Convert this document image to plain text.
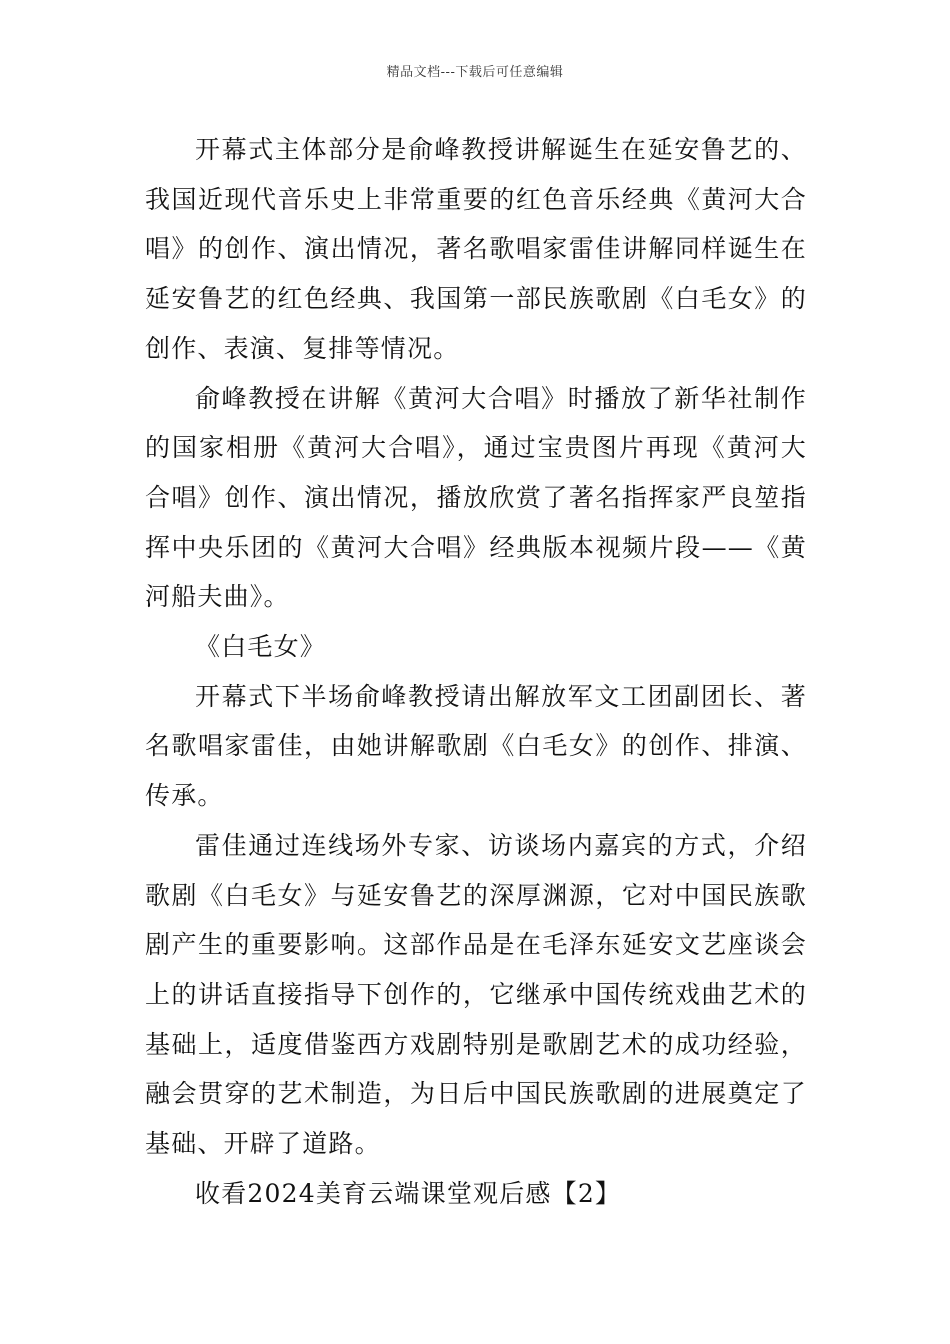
精品文档---下载后可任意编辑

开幕式主体部分是俞峰教授讲解诞生在延安鲁艺的、我国近现代音乐史上非常重要的红色音乐经典《黄河大合唱》的创作、演出情况，著名歌唱家雷佳讲解同样诞生在延安鲁艺的红色经典、我国第一部民族歌剧《白毛女》的创作、表演、复排等情况。

俞峰教授在讲解《黄河大合唱》时播放了新华社制作的国家相册《黄河大合唱》，通过宝贵图片再现《黄河大合唱》创作、演出情况，播放欣赏了著名指挥家严良堃指挥中央乐团的《黄河大合唱》经典版本视频片段——《黄河船夫曲》。

《白毛女》

开幕式下半场俞峰教授请出解放军文工团副团长、著名歌唱家雷佳，由她讲解歌剧《白毛女》的创作、排演、传承。

雷佳通过连线场外专家、访谈场内嘉宾的方式，介绍歌剧《白毛女》与延安鲁艺的深厚渊源，它对中国民族歌剧产生的重要影响。这部作品是在毛泽东延安文艺座谈会上的讲话直接指导下创作的，它继承中国传统戏曲艺术的基础上，适度借鉴西方戏剧特别是歌剧艺术的成功经验，融会贯穿的艺术制造，为日后中国民族歌剧的进展奠定了基础、开辟了道路。

收看2024美育云端课堂观后感【2】
